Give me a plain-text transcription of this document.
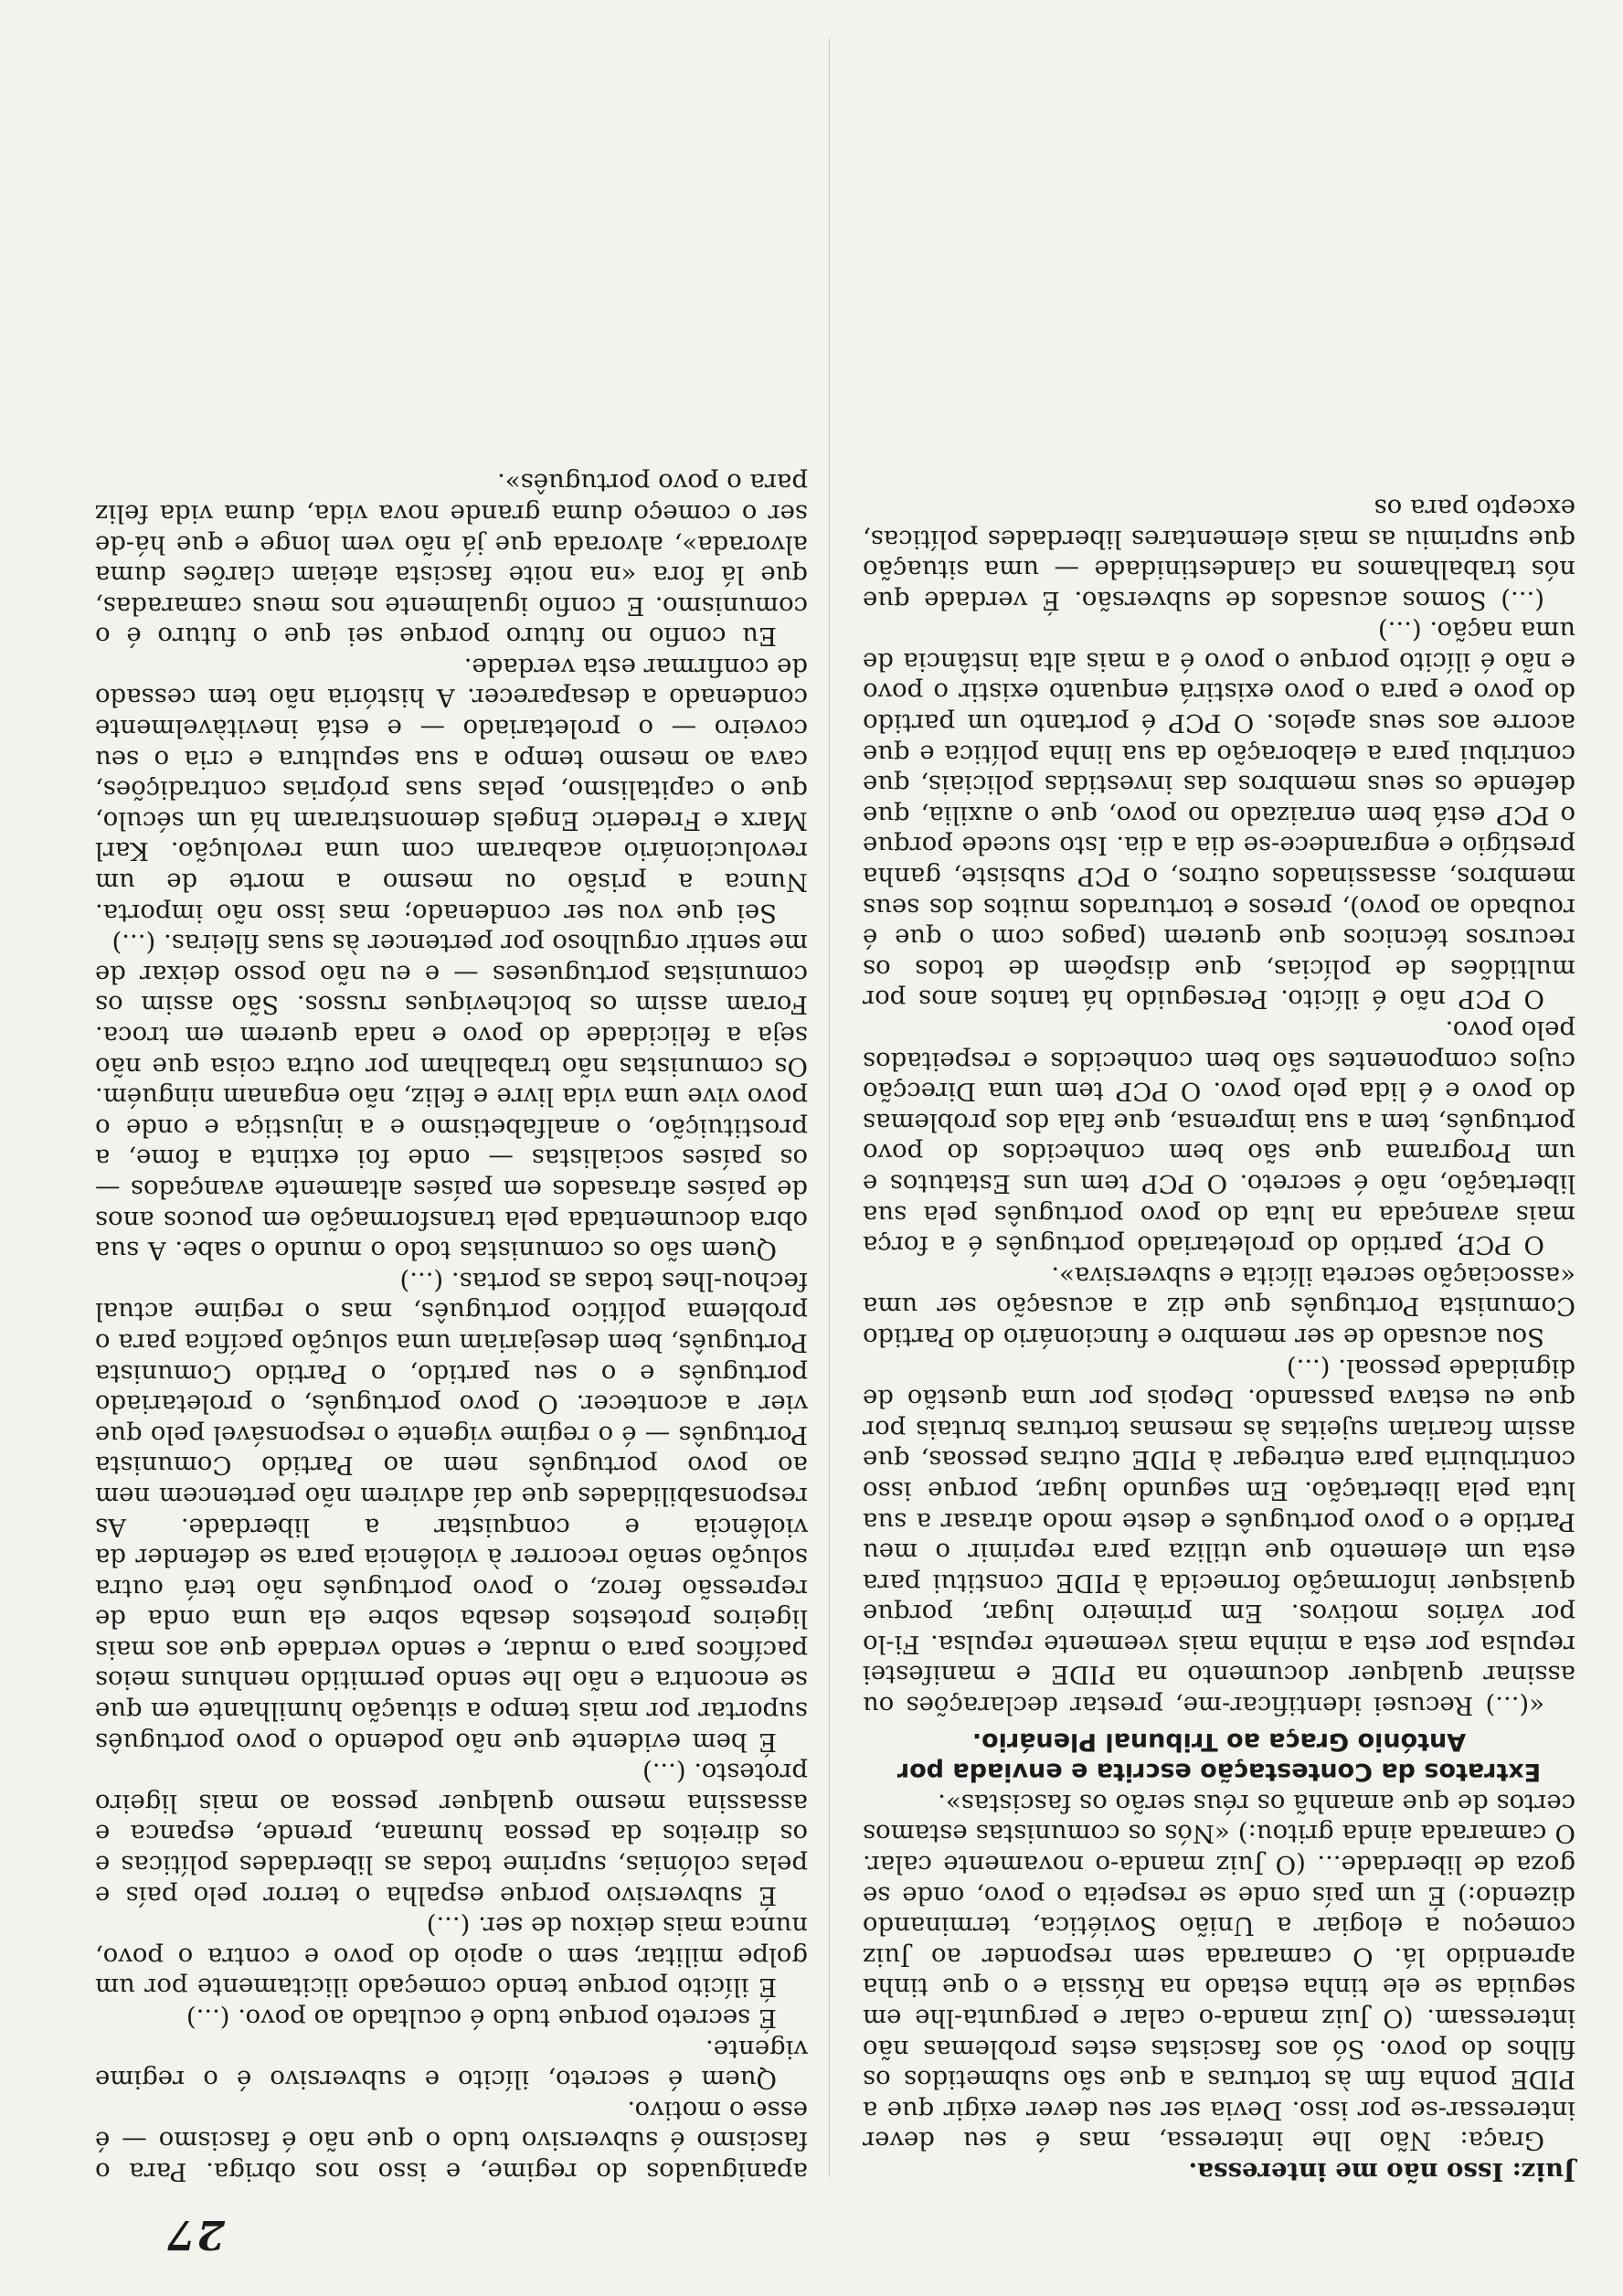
27

Juiz: Isso não me interessa.

Graça: Não lhe interessa, mas é seu dever interessar-se por isso. Devia ser seu dever exigir que a PIDE ponha fim às torturas a que são submetidos os filhos do povo. Só aos fascistas estes problemas não interessam. (O Juiz manda-o calar e pergunta-lhe em seguida se ele tinha estado na Rússia e o que tinha aprendido lá. O camarada sem responder ao Juiz começou a elogiar a União Soviética, terminando dizendo:) É um país onde se respeita o povo, onde se goza de liberdade... (O Juiz manda-o novamente calar. O camarada ainda gritou:) «Nós os comunistas estamos certos de que amanhã os réus serão os fascistas».

Extratos da Contestação escrita e enviada por António Graça ao Tribunal Plenário.

«(...) Recusei identificar-me, prestar declarações ou assinar qualquer documento na PIDE e manifestei repulsa por esta a minha mais veemente repulsa. Fi-lo por vários motivos. Em primeiro lugar, porque quaisquer informação fornecida à PIDE constitui para esta um elemento que utiliza para reprimir o meu Partido e o povo português e deste modo atrasar a sua luta pela libertação. Em segundo lugar, porque isso contribuiria para entregar à PIDE outras pessoas, que assim ficariam sujeitas às mesmas torturas brutais por que eu estava passando. Depois por uma questão de dignidade pessoal. (...)

Sou acusado de ser membro e funcionário do Partido Comunista Português que diz a acusação ser uma «associação secreta ilícita e subversiva».

O PCP, partido do proletariado português é a força mais avançada na luta do povo português pela sua libertação, não é secreto. O PCP tem uns Estatutos e um Programa que são bem conhecidos do povo português, tem a sua imprensa, que fala dos problemas do povo e é lida pelo povo. O PCP tem uma Direcção cujos componentes são bem conhecidos e respeitados pelo povo.

O PCP não é ilícito. Perseguido há tantos anos por multidões de polícias, que dispõem de todos os recursos técnicos que querem (pagos com o que é roubado ao povo), presos e torturados muitos dos seus membros, assassinados outros, o PCP subsiste, ganha prestígio e engrandece-se dia a dia. Isto sucede porque o PCP está bem enraizado no povo, que o auxilia, que defende os seus membros das investidas policiais, que contribui para a elaboração da sua linha política e que acorre aos seus apelos. O PCP é portanto um partido do povo e para o povo existirá enquanto existir o povo e não é ilícito porque o povo é a mais alta instância de uma nação. (...)

(...) Somos acusados de subversão. É verdade que nós trabalhamos na clandestinidade — uma situação que suprimiu as mais elementares liberdades políticas, excepto para os

apaniguados do regime, e isso nos obriga. Para o fascismo é subversivo tudo o que não é fascismo — é esse o motivo.

Quem é secreto, ilícito e subversivo é o regime vigente.

É secreto porque tudo é ocultado ao povo. (...)

É ilícito porque tendo começado ilicitamente por um golpe militar, sem o apoio do povo e contra o povo, nunca mais deixou de ser. (...)

É subversivo porque espalha o terror pelo país e pelas colónias, suprime todas as liberdades políticas e os direitos da pessoa humana, prende, espanca e assassina mesmo qualquer pessoa ao mais ligeiro protesto. (...)

É bem evidente que não podendo o povo português suportar por mais tempo a situação humilhante em que se encontra e não lhe sendo permitido nenhuns meios pacíficos para o mudar, e sendo verdade que aos mais ligeiros protestos desaba sobre ela uma onda de repressão feroz, o povo português não terá outra solução senão recorrer à violência para se defender da violência e conquistar a liberdade. As responsabilidades que daí advirem não pertencem nem ao povo português nem ao Partido Comunista Português — é o regime vigente o responsável pelo que vier a acontecer. O povo português, o proletariado português e o seu partido, o Partido Comunista Português, bem desejariam uma solução pacífica para o problema político português, mas o regime actual fechou-lhes todas as portas. (...)

Quem são os comunistas todo o mundo o sabe. A sua obra documentada pela transformação em poucos anos de países atrasados em países altamente avançados — os países socialistas — onde foi extinta a fome, a prostituição, o analfabetismo e a injustiça e onde o povo vive uma vida livre e feliz, não enganam ninguém. Os comunistas não trabalham por outra coisa que não seja a felicidade do povo e nada querem em troca. Foram assim os bolcheviques russos. São assim os comunistas portugueses — e eu não posso deixar de me sentir orgulhoso por pertencer às suas fileiras. (...)

Sei que vou ser condenado; mas isso não importa. Nunca a prisão ou mesmo a morte de um revolucionário acabaram com uma revolução. Karl Marx e Frederic Engels demonstraram há um século, que o capitalismo, pelas suas próprias contradições, cava ao mesmo tempo a sua sepultura e cria o seu coveiro — o proletariado — e está inevitàvelmente condenado a desaparecer. A história não tem cessado de confirmar esta verdade.

Eu confio no futuro porque sei que o futuro é o comunismo. E confio igualmente nos meus camaradas, que lá fora «na noite fascista ateiam clarões duma alvorada», alvorada que já não vem longe e que há-de ser o começo duma grande nova vida, duma vida feliz para o povo português».
